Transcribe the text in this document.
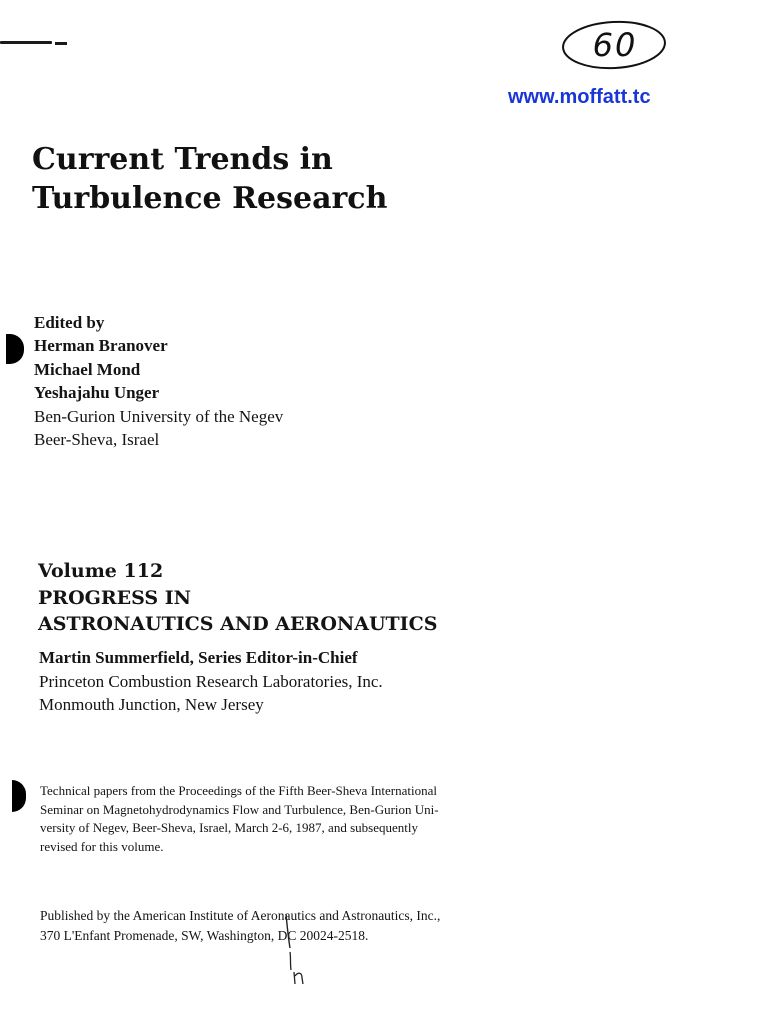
60
www.moffatt.tc
Current Trends in
Turbulence Research
Edited by
Herman Branover
Michael Mond
Yeshajahu Unger
Ben-Gurion University of the Negev
Beer-Sheva, Israel
Volume 112
PROGRESS IN
ASTRONAUTICS AND AERONAUTICS
Martin Summerfield, Series Editor-in-Chief
Princeton Combustion Research Laboratories, Inc.
Monmouth Junction, New Jersey
Technical papers from the Proceedings of the Fifth Beer-Sheva International
Seminar on Magnetohydrodynamics Flow and Turbulence, Ben-Gurion Uni-
versity of Negev, Beer-Sheva, Israel, March 2-6, 1987, and subsequently
revised for this volume.
Published by the American Institute of Aeronautics and Astronautics, Inc.,
370 L'Enfant Promenade, SW, Washington, DC 20024-2518.
